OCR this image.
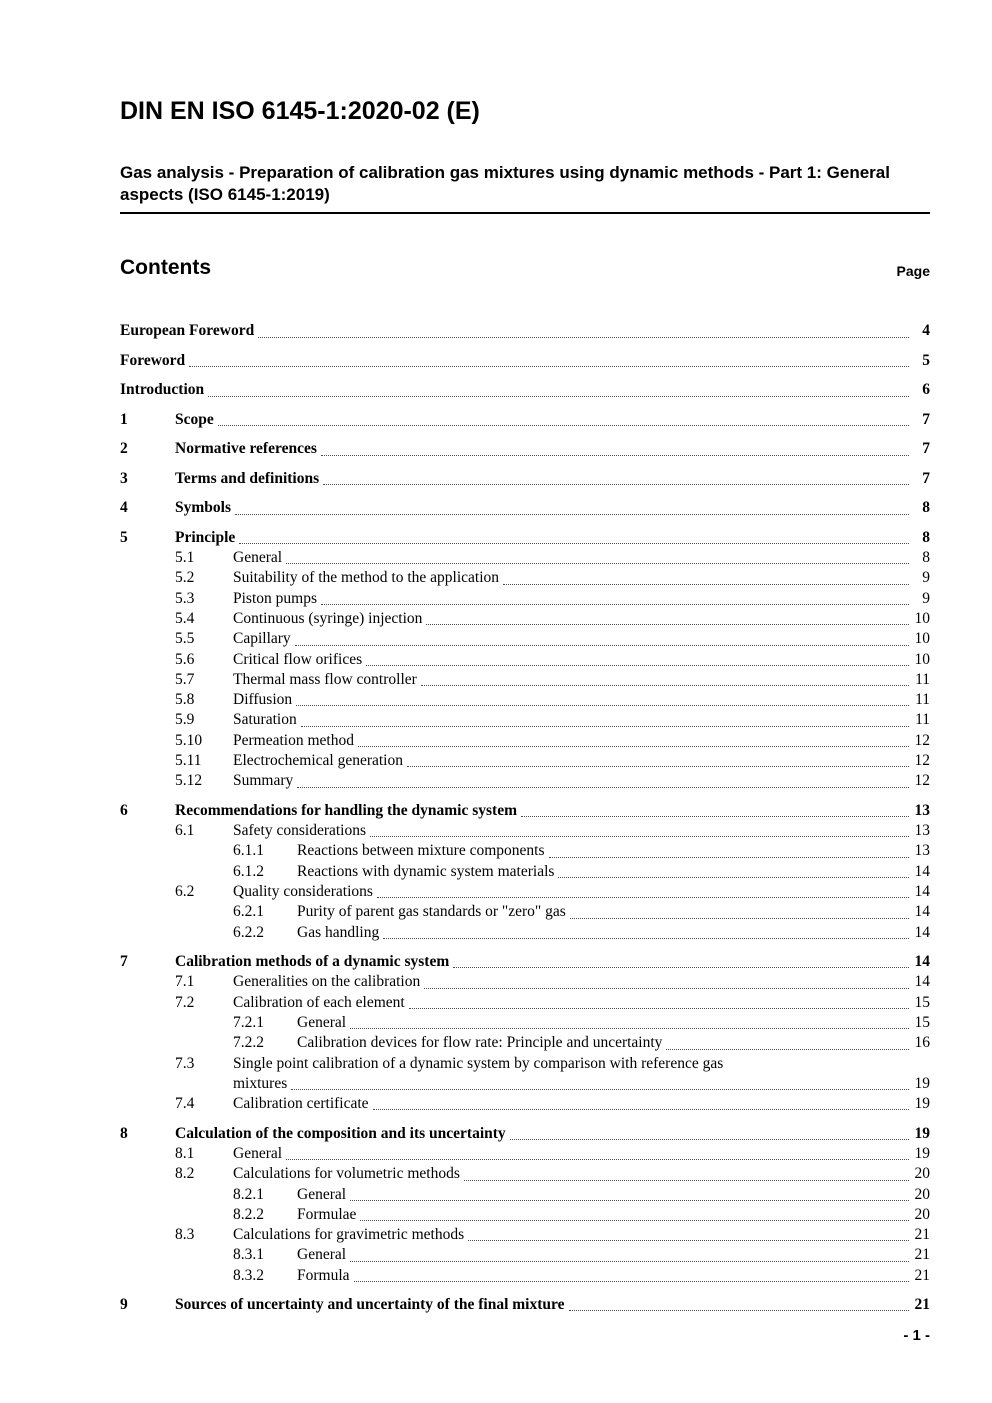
DIN EN ISO 6145-1:2020-02 (E)
Gas analysis - Preparation of calibration gas mixtures using dynamic methods - Part 1: General aspects (ISO 6145-1:2019)
Contents	Page
European Foreword	4
Foreword	5
Introduction	6
1	Scope	7
2	Normative references	7
3	Terms and definitions	7
4	Symbols	8
5	Principle	8
5.1	General	8
5.2	Suitability of the method to the application	9
5.3	Piston pumps	9
5.4	Continuous (syringe) injection	10
5.5	Capillary	10
5.6	Critical flow orifices	10
5.7	Thermal mass flow controller	11
5.8	Diffusion	11
5.9	Saturation	11
5.10	Permeation method	12
5.11	Electrochemical generation	12
5.12	Summary	12
6	Recommendations for handling the dynamic system	13
6.1	Safety considerations	13
6.1.1	Reactions between mixture components	13
6.1.2	Reactions with dynamic system materials	14
6.2	Quality considerations	14
6.2.1	Purity of parent gas standards or "zero" gas	14
6.2.2	Gas handling	14
7	Calibration methods of a dynamic system	14
7.1	Generalities on the calibration	14
7.2	Calibration of each element	15
7.2.1	General	15
7.2.2	Calibration devices for flow rate: Principle and uncertainty	16
7.3	Single point calibration of a dynamic system by comparison with reference gas
mixtures	19
7.4	Calibration certificate	19
8	Calculation of the composition and its uncertainty	19
8.1	General	19
8.2	Calculations for volumetric methods	20
8.2.1	General	20
8.2.2	Formulae	20
8.3	Calculations for gravimetric methods	21
8.3.1	General	21
8.3.2	Formula	21
9	Sources of uncertainty and uncertainty of the final mixture	21
- 1 -
